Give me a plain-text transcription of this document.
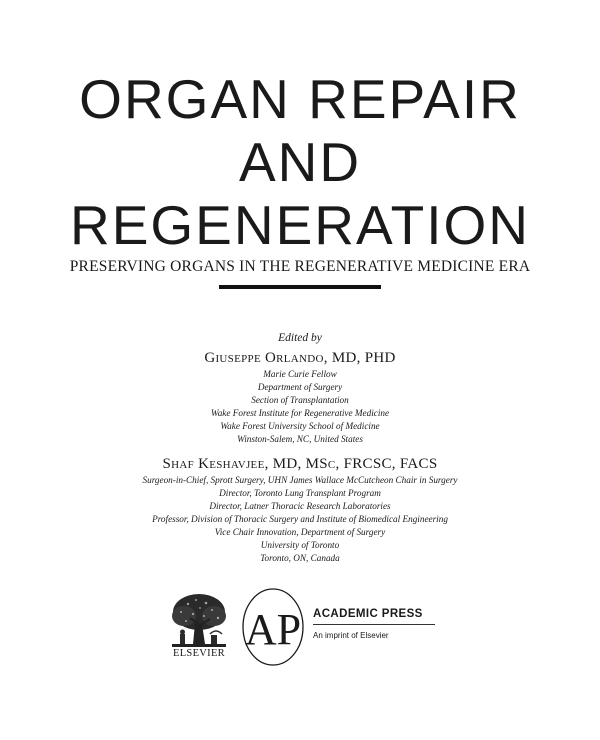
ORGAN REPAIR
AND
REGENERATION
PRESERVING ORGANS IN THE REGENERATIVE MEDICINE ERA
Edited by
Giuseppe Orlando, MD, PHD
Marie Curie Fellow
Department of Surgery
Section of Transplantation
Wake Forest Institute for Regenerative Medicine
Wake Forest University School of Medicine
Winston-Salem, NC, United States
Shaf Keshavjee, MD, MSc, FRCSC, FACS
Surgeon-in-Chief, Sprott Surgery, UHN James Wallace McCutcheon Chair in Surgery
Director, Toronto Lung Transplant Program
Director, Latner Thoracic Research Laboratories
Professor, Division of Thoracic Surgery and Institute of Biomedical Engineering
Vice Chair Innovation, Department of Surgery
University of Toronto
Toronto, ON, Canada
ELSEVIER AP ACADEMIC PRESS
An imprint of Elsevier
